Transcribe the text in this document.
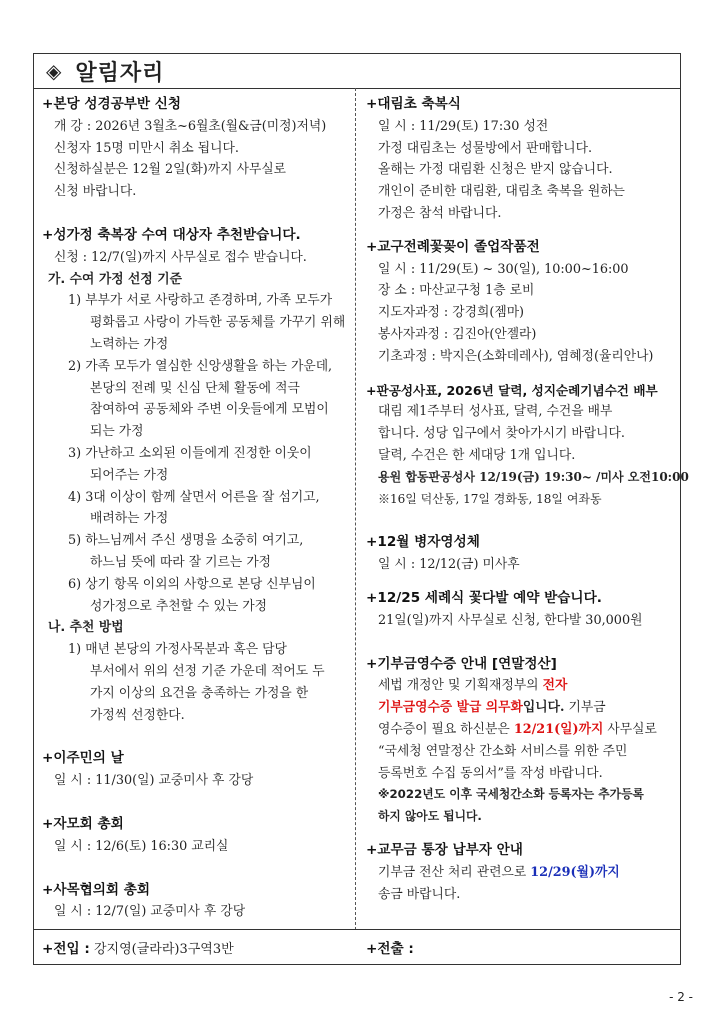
◈ 알림자리
+본당 성경공부반 신청
개 강 : 2026년 3월초~6월초(월&금(미정)저녁)
신청자 15명 미만시 취소 됩니다.
신청하실분은 12월 2일(화)까지 사무실로
신청 바랍니다.
+성가정 축복장 수여 대상자 추천받습니다.
신청 : 12/7(일)까지 사무실로 접수 받습니다.
가. 수여 가정 선정 기준
1) 부부가 서로 사랑하고 존경하며, 가족 모두가
평화롭고 사랑이 가득한 공동체를 가꾸기 위해
노력하는 가정
2) 가족 모두가 열심한 신앙생활을 하는 가운데,
본당의 전례 및 신심 단체 활동에 적극
참여하여 공동체와 주변 이웃들에게 모범이
되는 가정
3) 가난하고 소외된 이들에게 진정한 이웃이
되어주는 가정
4) 3대 이상이 함께 살면서 어른을 잘 섬기고,
배려하는 가정
5) 하느님께서 주신 생명을 소중히 여기고,
하느님 뜻에 따라 잘 기르는 가정
6) 상기 항목 이외의 사항으로 본당 신부님이
성가정으로 추천할 수 있는 가정
나. 추천 방법
1) 매년 본당의 가정사목분과 혹은 담당
부서에서 위의 선정 기준 가운데 적어도 두
가지 이상의 요건을 충족하는 가정을 한
가정씩 선정한다.
+이주민의 날
일 시 : 11/30(일) 교중미사 후 강당
+자모회 총회
일 시 : 12/6(토) 16:30 교리실
+사목협의회 총회
일 시 : 12/7(일) 교중미사 후 강당
+대림초 축복식
일 시 : 11/29(토) 17:30 성전
가정 대림초는 성물방에서 판매합니다.
올해는 가정 대림환 신청은 받지 않습니다.
개인이 준비한 대림환, 대림초 축복을 원하는
가정은 참석 바랍니다.
+교구전례꽃꽂이 졸업작품전
일 시 : 11/29(토) ~ 30(일), 10:00~16:00
장 소 : 마산교구청 1층 로비
지도자과정 : 강경희(젬마)
봉사자과정 : 김진아(안젤라)
기초과정 : 박지은(소화데레사), 염혜정(율리안나)
+판공성사표, 2026년 달력, 성지순례기념수건 배부
대림 제1주부터 성사표, 달력, 수건을 배부
합니다. 성당 입구에서 찾아가시기 바랍니다.
달력, 수건은 한 세대당 1개 입니다.
용원 합동판공성사 12/19(금) 19:30~ /미사 오전10:00
※16일 덕산동, 17일 경화동, 18일 여좌동
+12월 병자영성체
일 시 : 12/12(금) 미사후
+12/25 세례식 꽃다발 예약 받습니다.
21일(일)까지 사무실로 신청, 한다발 30,000원
+기부금영수증 안내 [연말정산]
세법 개정안 및 기획재정부의 전자
기부금영수증 발급 의무화입니다. 기부금
영수증이 필요 하신분은 12/21(일)까지 사무실로
“국세청 연말정산 간소화 서비스를 위한 주민
등록번호 수집 동의서”를 작성 바랍니다.
※2022년도 이후 국세청간소화 등록자는 추가등록
하지 않아도 됩니다.
+교무금 통장 납부자 안내
기부금 전산 처리 관련으로 12/29(월)까지
송금 바랍니다.
+전입 : 강지영(글라라)3구역3반	+전출 :
- 2 -
